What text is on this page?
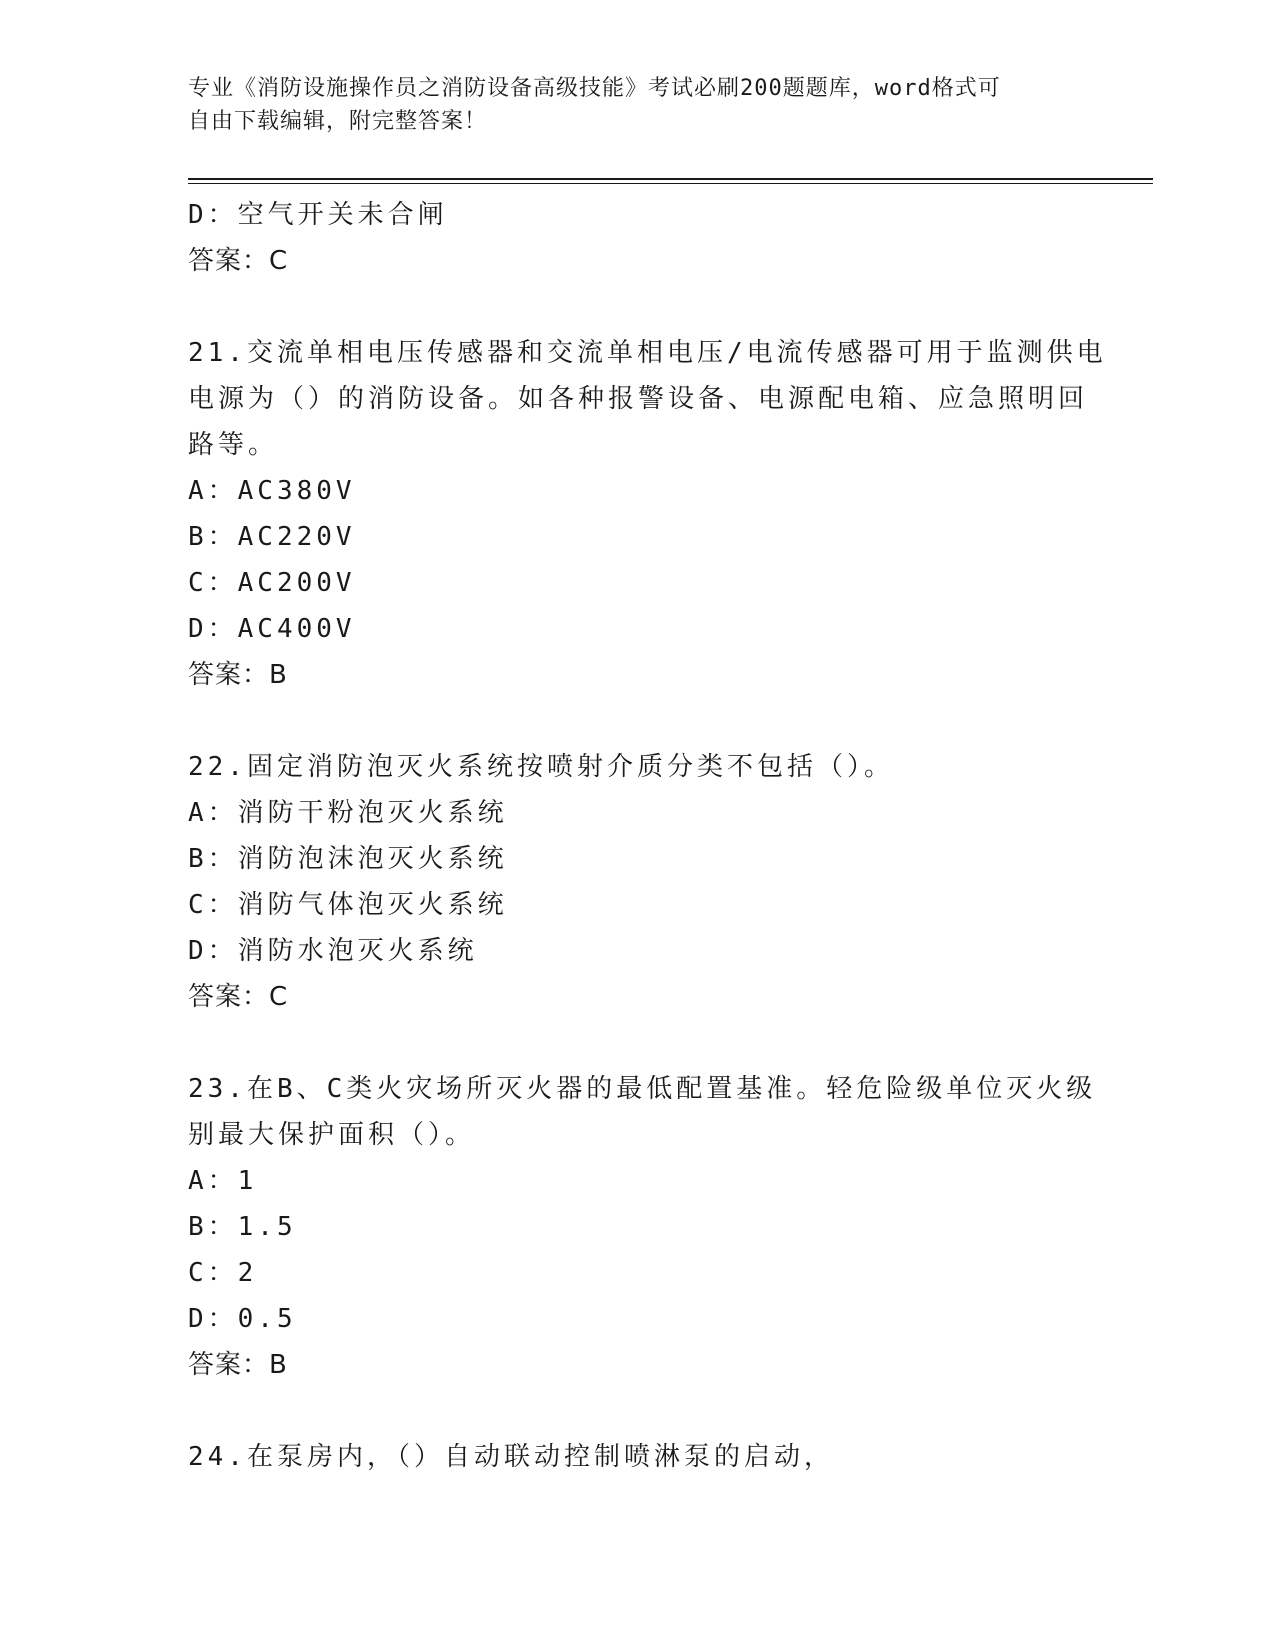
专业《消防设施操作员之消防设备高级技能》考试必刷200题题库，word格式可
自由下载编辑，附完整答案！
D：空气开关未合闸
答案：C
21.交流单相电压传感器和交流单相电压/电流传感器可用于监测供电
电源为（）的消防设备。如各种报警设备、电源配电箱、应急照明回
路等。
A：AC380V
B：AC220V
C：AC200V
D：AC400V
答案：B
22.固定消防泡灭火系统按喷射介质分类不包括（）。
A：消防干粉泡灭火系统
B：消防泡沫泡灭火系统
C：消防气体泡灭火系统
D：消防水泡灭火系统
答案：C
23.在B、C类火灾场所灭火器的最低配置基准。轻危险级单位灭火级
别最大保护面积（）。
A：1
B：1.5
C：2
D：0.5
答案：B
24.在泵房内，（）自动联动控制喷淋泵的启动，
